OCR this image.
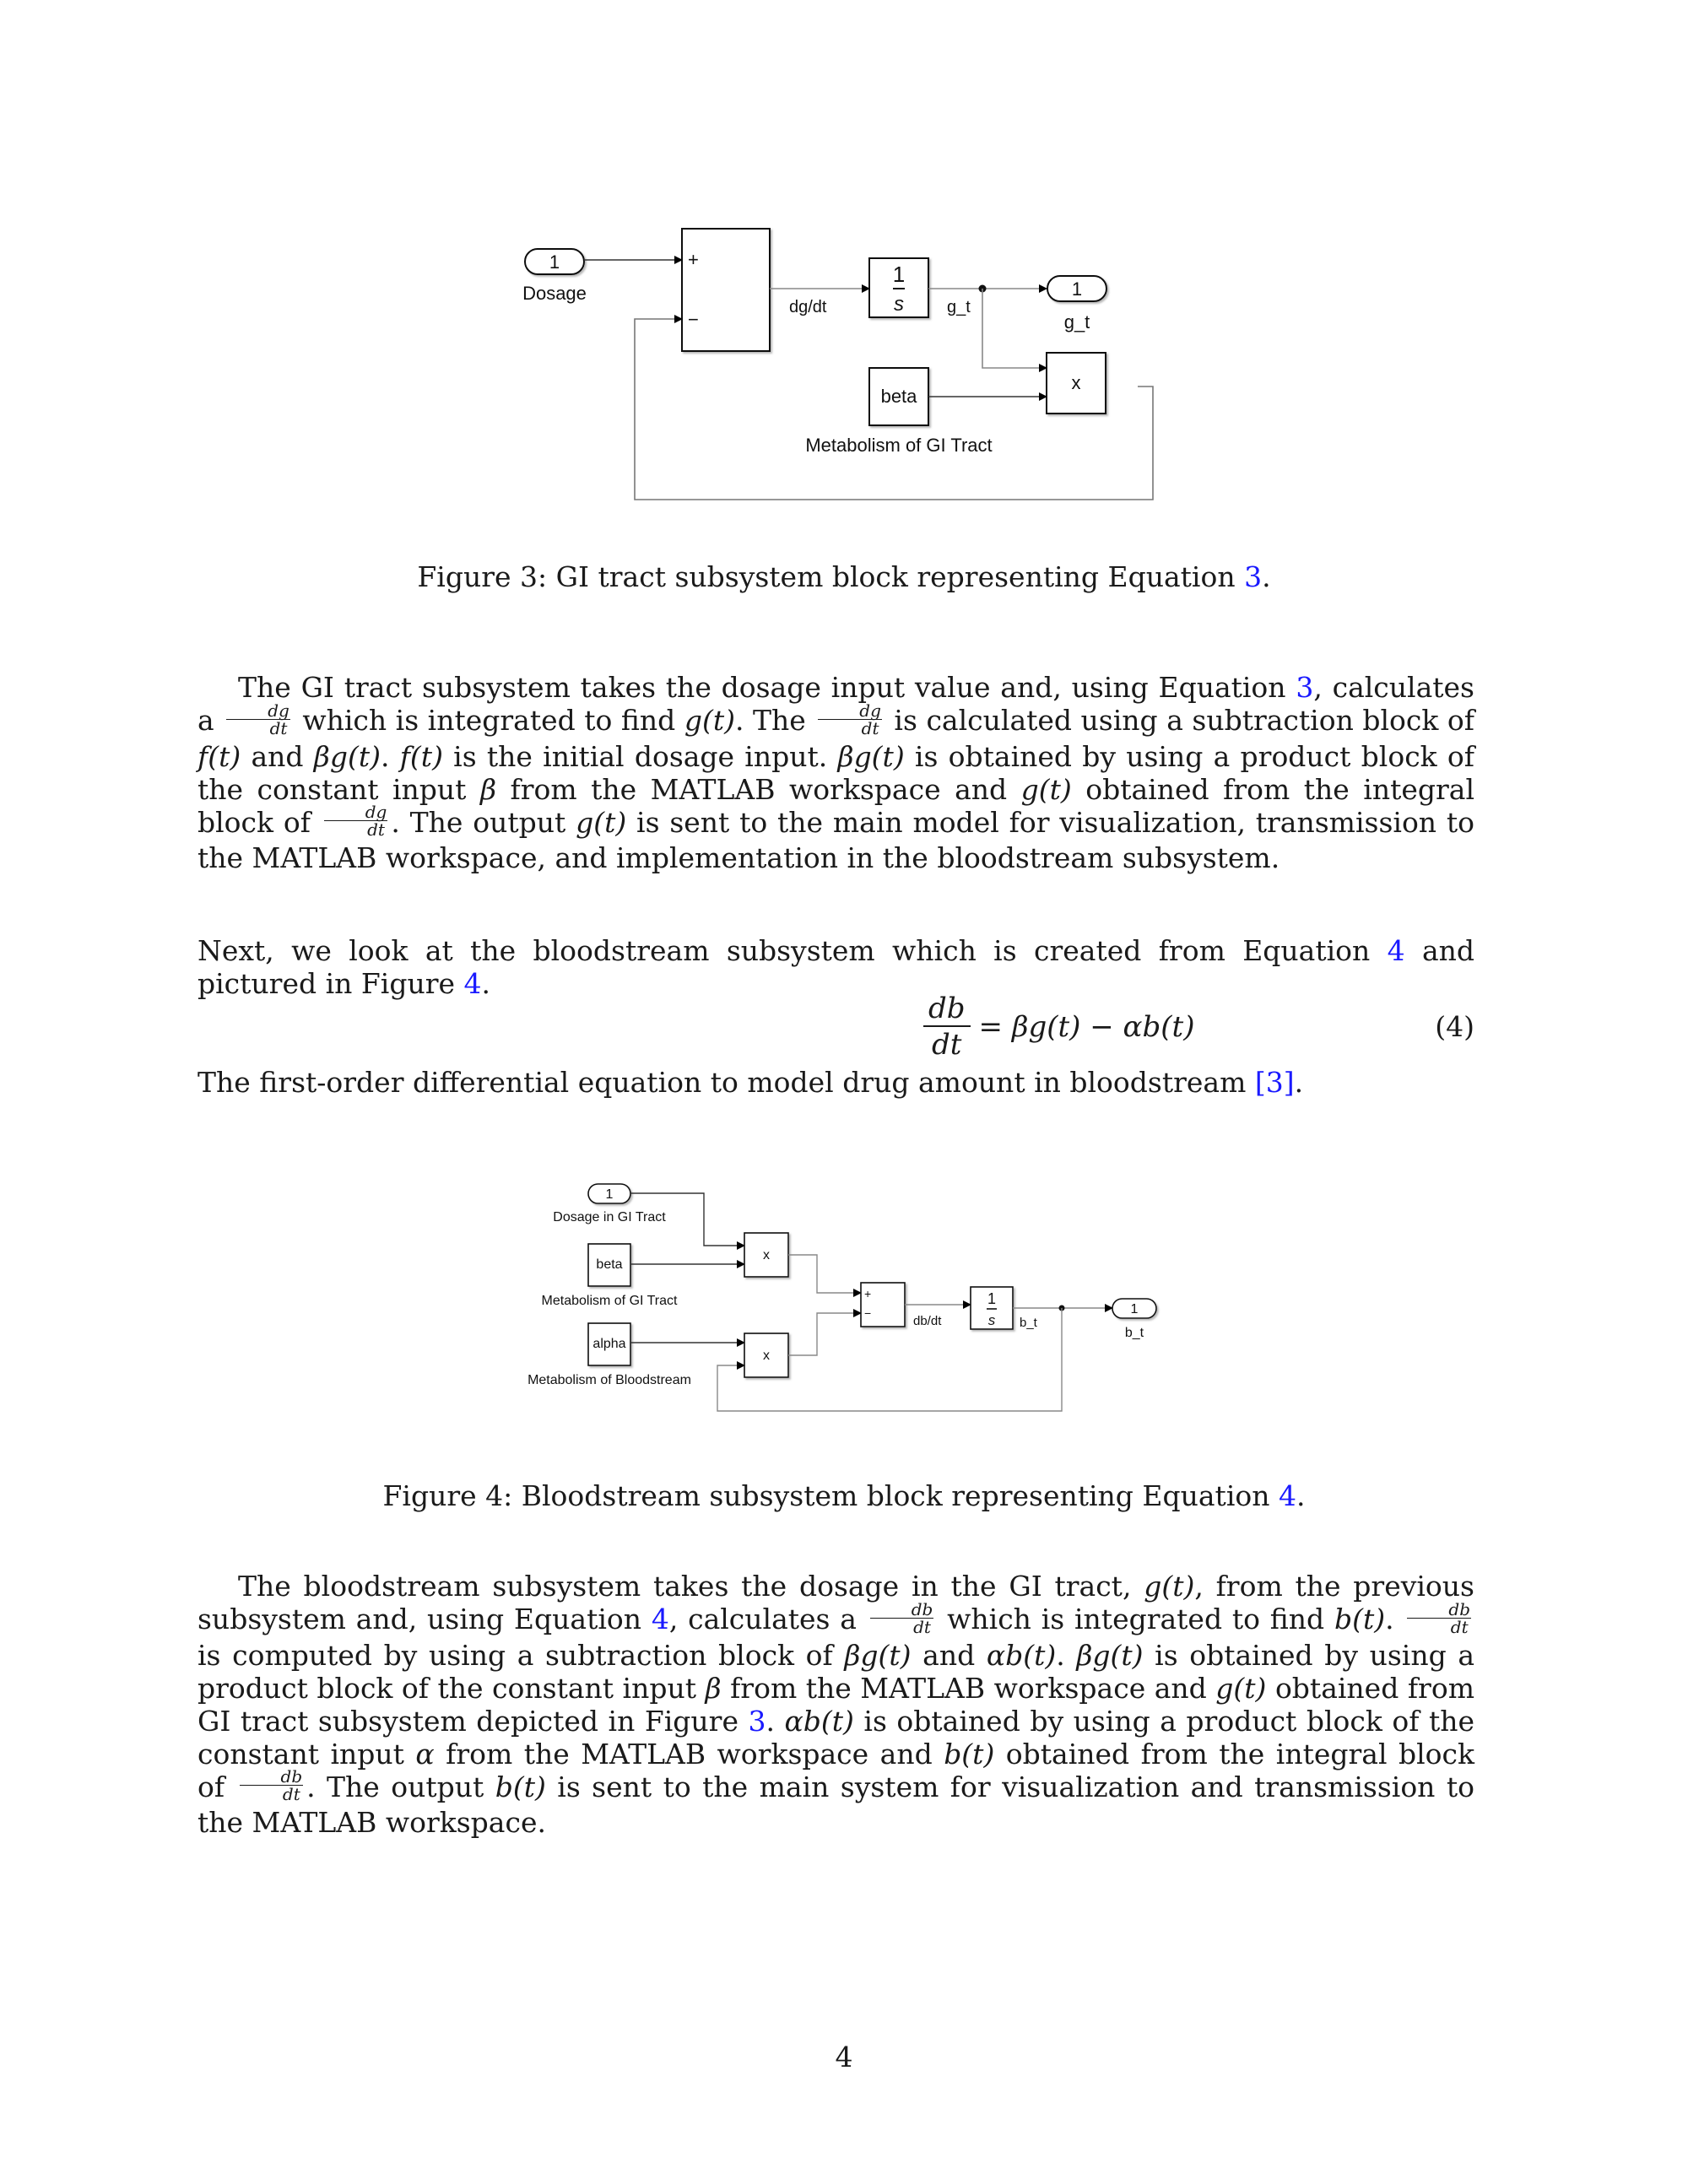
1
Dosage
+
−
dg/dt
1
s	g_t
1
g_t
x
beta
Metabolism of GI Tract
Figure 3: GI tract subsystem block representing Equation 3.
The GI tract subsystem takes the dosage input value and, using Equation 3, calculates a $\frac{dg}{dt}$ which is integrated to find g(t). The $\frac{dg}{dt}$ is calculated using a subtraction block of f(t) and βg(t). f(t) is the initial dosage input. βg(t) is obtained by using a product block of the constant input β from the MATLAB workspace and g(t) obtained from the integral block of $\frac{dg}{dt}$ . The output g(t) is sent to the main model for visualization, transmission to the MATLAB workspace, and implementation in the bloodstream subsystem.
Next, we look at the bloodstream subsystem which is created from Equation 4 and pictured in Figure 4.
$\frac{db}{dt} = \beta g(t) - \alpha b(t)$	(4)
The first-order differential equation to model drug amount in bloodstream [3].
1
Dosage in GI Tract
beta
Metabolism of GI Tract
x
alpha
Metabolism of Bloodstream
x
+
−
db/dt
1
s b_t
1
b_t
Figure 4: Bloodstream subsystem block representing Equation 4.
The bloodstream subsystem takes the dosage in the GI tract, g(t), from the previous subsystem and, using Equation 4, calculates a $\frac{db}{dt}$ which is integrated to find b(t). $\frac{db}{dt}$
is computed by using a subtraction block of βg(t) and αb(t). βg(t) is obtained by using a product block of the constant input β from the MATLAB workspace and g(t) obtained from GI tract subsystem depicted in Figure 3. αb(t) is obtained by using a product block of the constant input α from the MATLAB workspace and b(t) obtained from the integral block of $\frac{db}{dt}$ . The output b(t) is sent to the main system for visualization and transmission to the MATLAB workspace.
4
